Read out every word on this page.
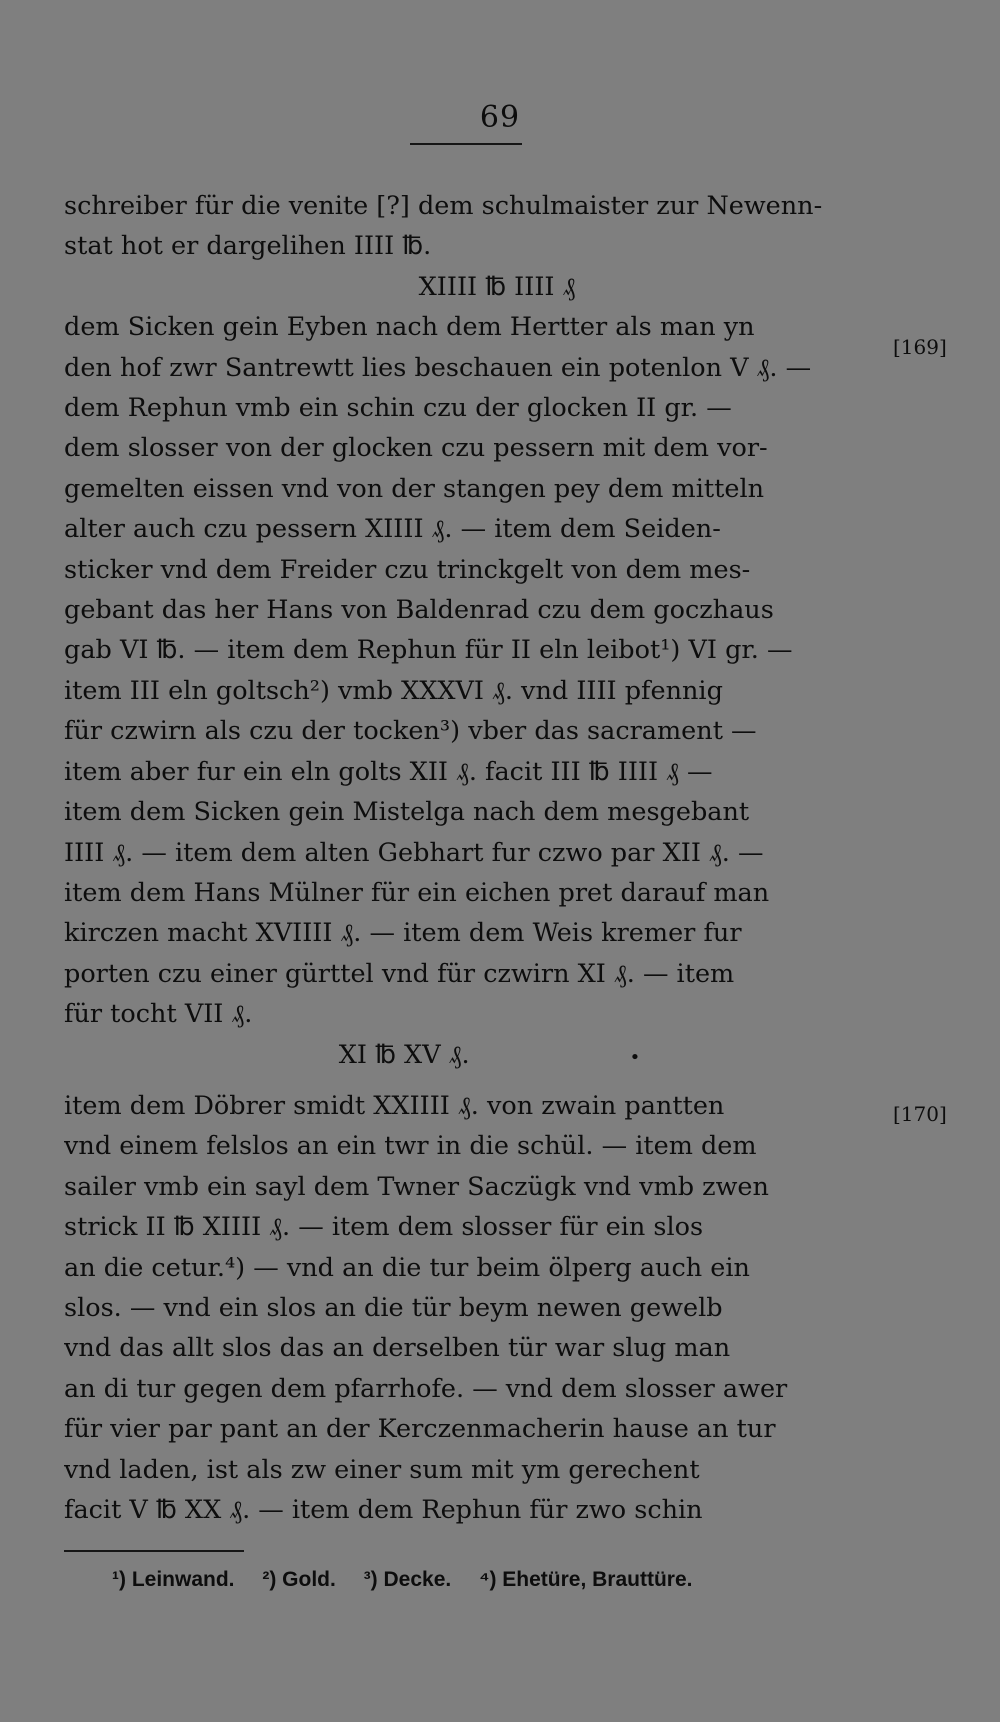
69
[169]
[170]
schreiber für die venite [?] dem schulmaister zur Newenn-
stat hot er dargelihen IIII ℔.
XIIII ℔ IIII ₰
dem Sicken gein Eyben nach dem Hertter als man yn
den hof zwr Santrewtt lies beschauen ein potenlon V ₰. —
dem Rephun vmb ein schin czu der glocken II gr. —
dem slosser von der glocken czu pessern mit dem vor-
gemelten eissen vnd von der stangen pey dem mitteln
alter auch czu pessern XIIII ₰. — item dem Seiden-
sticker vnd dem Freider czu trinckgelt von dem mes-
gebant das her Hans von Baldenrad czu dem goczhaus
gab VI ℔. — item dem Rephun für II eln leibot¹) VI gr. —
item III eln goltsch²) vmb XXXVI ₰. vnd IIII pfennig
für czwirn als czu der tocken³) vber das sacrament —
item aber fur ein eln golts XII ₰. facit III ℔ IIII ₰ —
item dem Sicken gein Mistelga nach dem mesgebant
IIII ₰. — item dem alten Gebhart fur czwo par XII ₰. —
item dem Hans Mülner für ein eichen pret darauf man
kirczen macht XVIIII ₰. — item dem Weis kremer fur
porten czu einer gürttel vnd für czwirn XI ₰. — item
für tocht VII ₰.
XI ℔ XV ₰.	•
item dem Döbrer smidt XXIIII ₰. von zwain pantten
vnd einem felslos an ein twr in die schül. — item dem
sailer vmb ein sayl dem Twner Saczügk vnd vmb zwen
strick II ℔ XIIII ₰. — item dem slosser für ein slos
an die cetur.⁴) — vnd an die tur beim ölperg auch ein
slos. — vnd ein slos an die tür beym newen gewelb
vnd das allt slos das an derselben tür war slug man
an di tur gegen dem pfarrhofe. — vnd dem slosser awer
für vier par pant an der Kerczenmacherin hause an tur
vnd laden, ist als zw einer sum mit ym gerechent
facit V ℔ XX ₰. — item dem Rephun für zwo schin
¹) Leinwand. ²) Gold. ³) Decke. ⁴) Ehetüre, Brauttüre.
